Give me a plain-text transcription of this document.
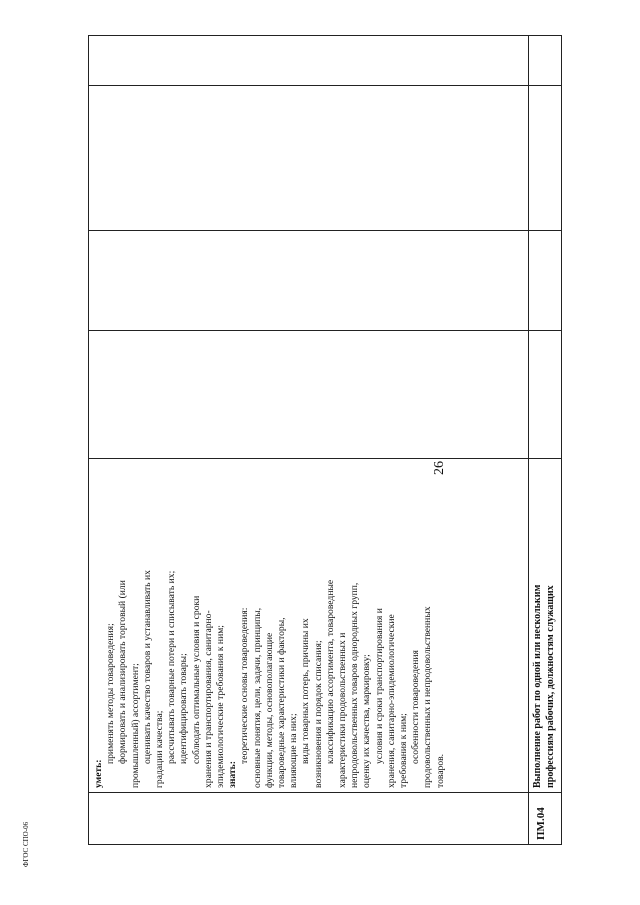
26
уметь:
применять методы товароведения; формировать и анализировать торговый (или промышленный) ассортимент; оценивать качество товаров и устанавливать их градации качества; рассчитывать товарные потери и списывать их; идентифицировать товары; соблюдать оптимальные условия и сроки хранения и транспортирования, санитарно- эпидемиологические требования к ним; знать:
теоретические основы товароведения: основные понятия, цели, задачи, принципы, функции, методы, основополагающие товароведные характеристики и факторы, влияющие на них; виды товарных потерь, причины их возникновения и порядок списания; классификацию ассортимента, товароведные характеристики продовольственных и непродовольственных товаров однородных групп, оценку их качества, маркировку; условия и сроки транспортирования и хранения, санитарно-эпидемиологические требования к ним; особенности товароведения продовольственных и непродовольственных товаров.
ПМ.04
Выполнение работ по одной или нескольким профессиям рабочих, должностям служащих
ФГОС СПО-06
